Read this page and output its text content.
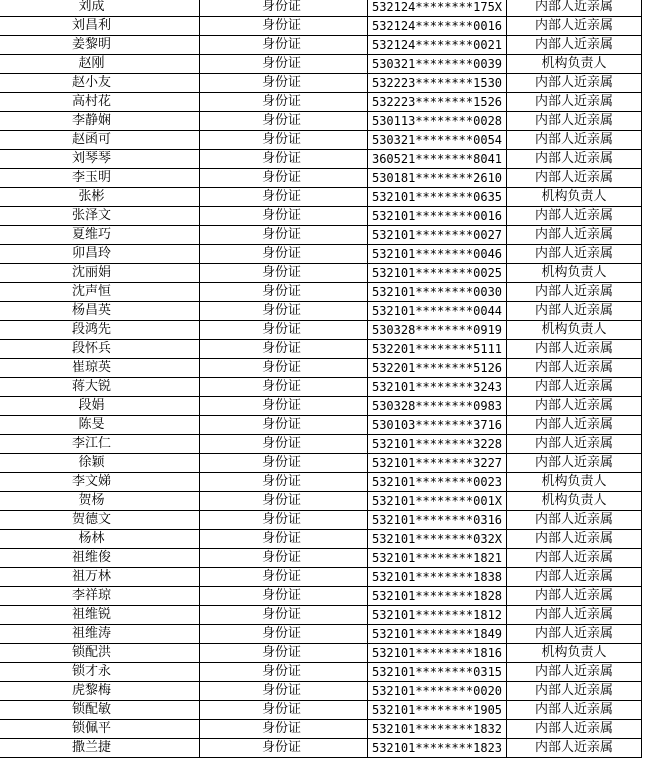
刘成	身份证	532124********175X	内部人近亲属
刘昌利	身份证	532124********0016	内部人近亲属
姜黎明	身份证	532124********0021	内部人近亲属
赵刚	身份证	530321********0039	机构负责人
赵小友	身份证	532223********1530	内部人近亲属
高村花	身份证	532223********1526	内部人近亲属
李静娴	身份证	530113********0028	内部人近亲属
赵函可	身份证	530321********0054	内部人近亲属
刘琴琴	身份证	360521********8041	内部人近亲属
李玉明	身份证	530181********2610	内部人近亲属
张彬	身份证	532101********0635	机构负责人
张泽文	身份证	532101********0016	内部人近亲属
夏维巧	身份证	532101********0027	内部人近亲属
卯昌玲	身份证	532101********0046	内部人近亲属
沈丽娟	身份证	532101********0025	机构负责人
沈声恒	身份证	532101********0030	内部人近亲属
杨昌英	身份证	532101********0044	内部人近亲属
段鸿先	身份证	530328********0919	机构负责人
段怀兵	身份证	532201********5111	内部人近亲属
崔琼英	身份证	532201********5126	内部人近亲属
蒋大锐	身份证	532101********3243	内部人近亲属
段娟	身份证	530328********0983	内部人近亲属
陈旻	身份证	530103********3716	内部人近亲属
李江仁	身份证	532101********3228	内部人近亲属
徐颖	身份证	532101********3227	内部人近亲属
李文娣	身份证	532101********0023	机构负责人
贺杨	身份证	532101********001X	机构负责人
贺德文	身份证	532101********0316	内部人近亲属
杨林	身份证	532101********032X	内部人近亲属
祖维俊	身份证	532101********1821	内部人近亲属
祖万林	身份证	532101********1838	内部人近亲属
李祥琼	身份证	532101********1828	内部人近亲属
祖维锐	身份证	532101********1812	内部人近亲属
祖维涛	身份证	532101********1849	内部人近亲属
锁配洪	身份证	532101********1816	机构负责人
锁才永	身份证	532101********0315	内部人近亲属
虎黎梅	身份证	532101********0020	内部人近亲属
锁配敏	身份证	532101********1905	内部人近亲属
锁佩平	身份证	532101********1832	内部人近亲属
撒兰捷	身份证	532101********1823	内部人近亲属
